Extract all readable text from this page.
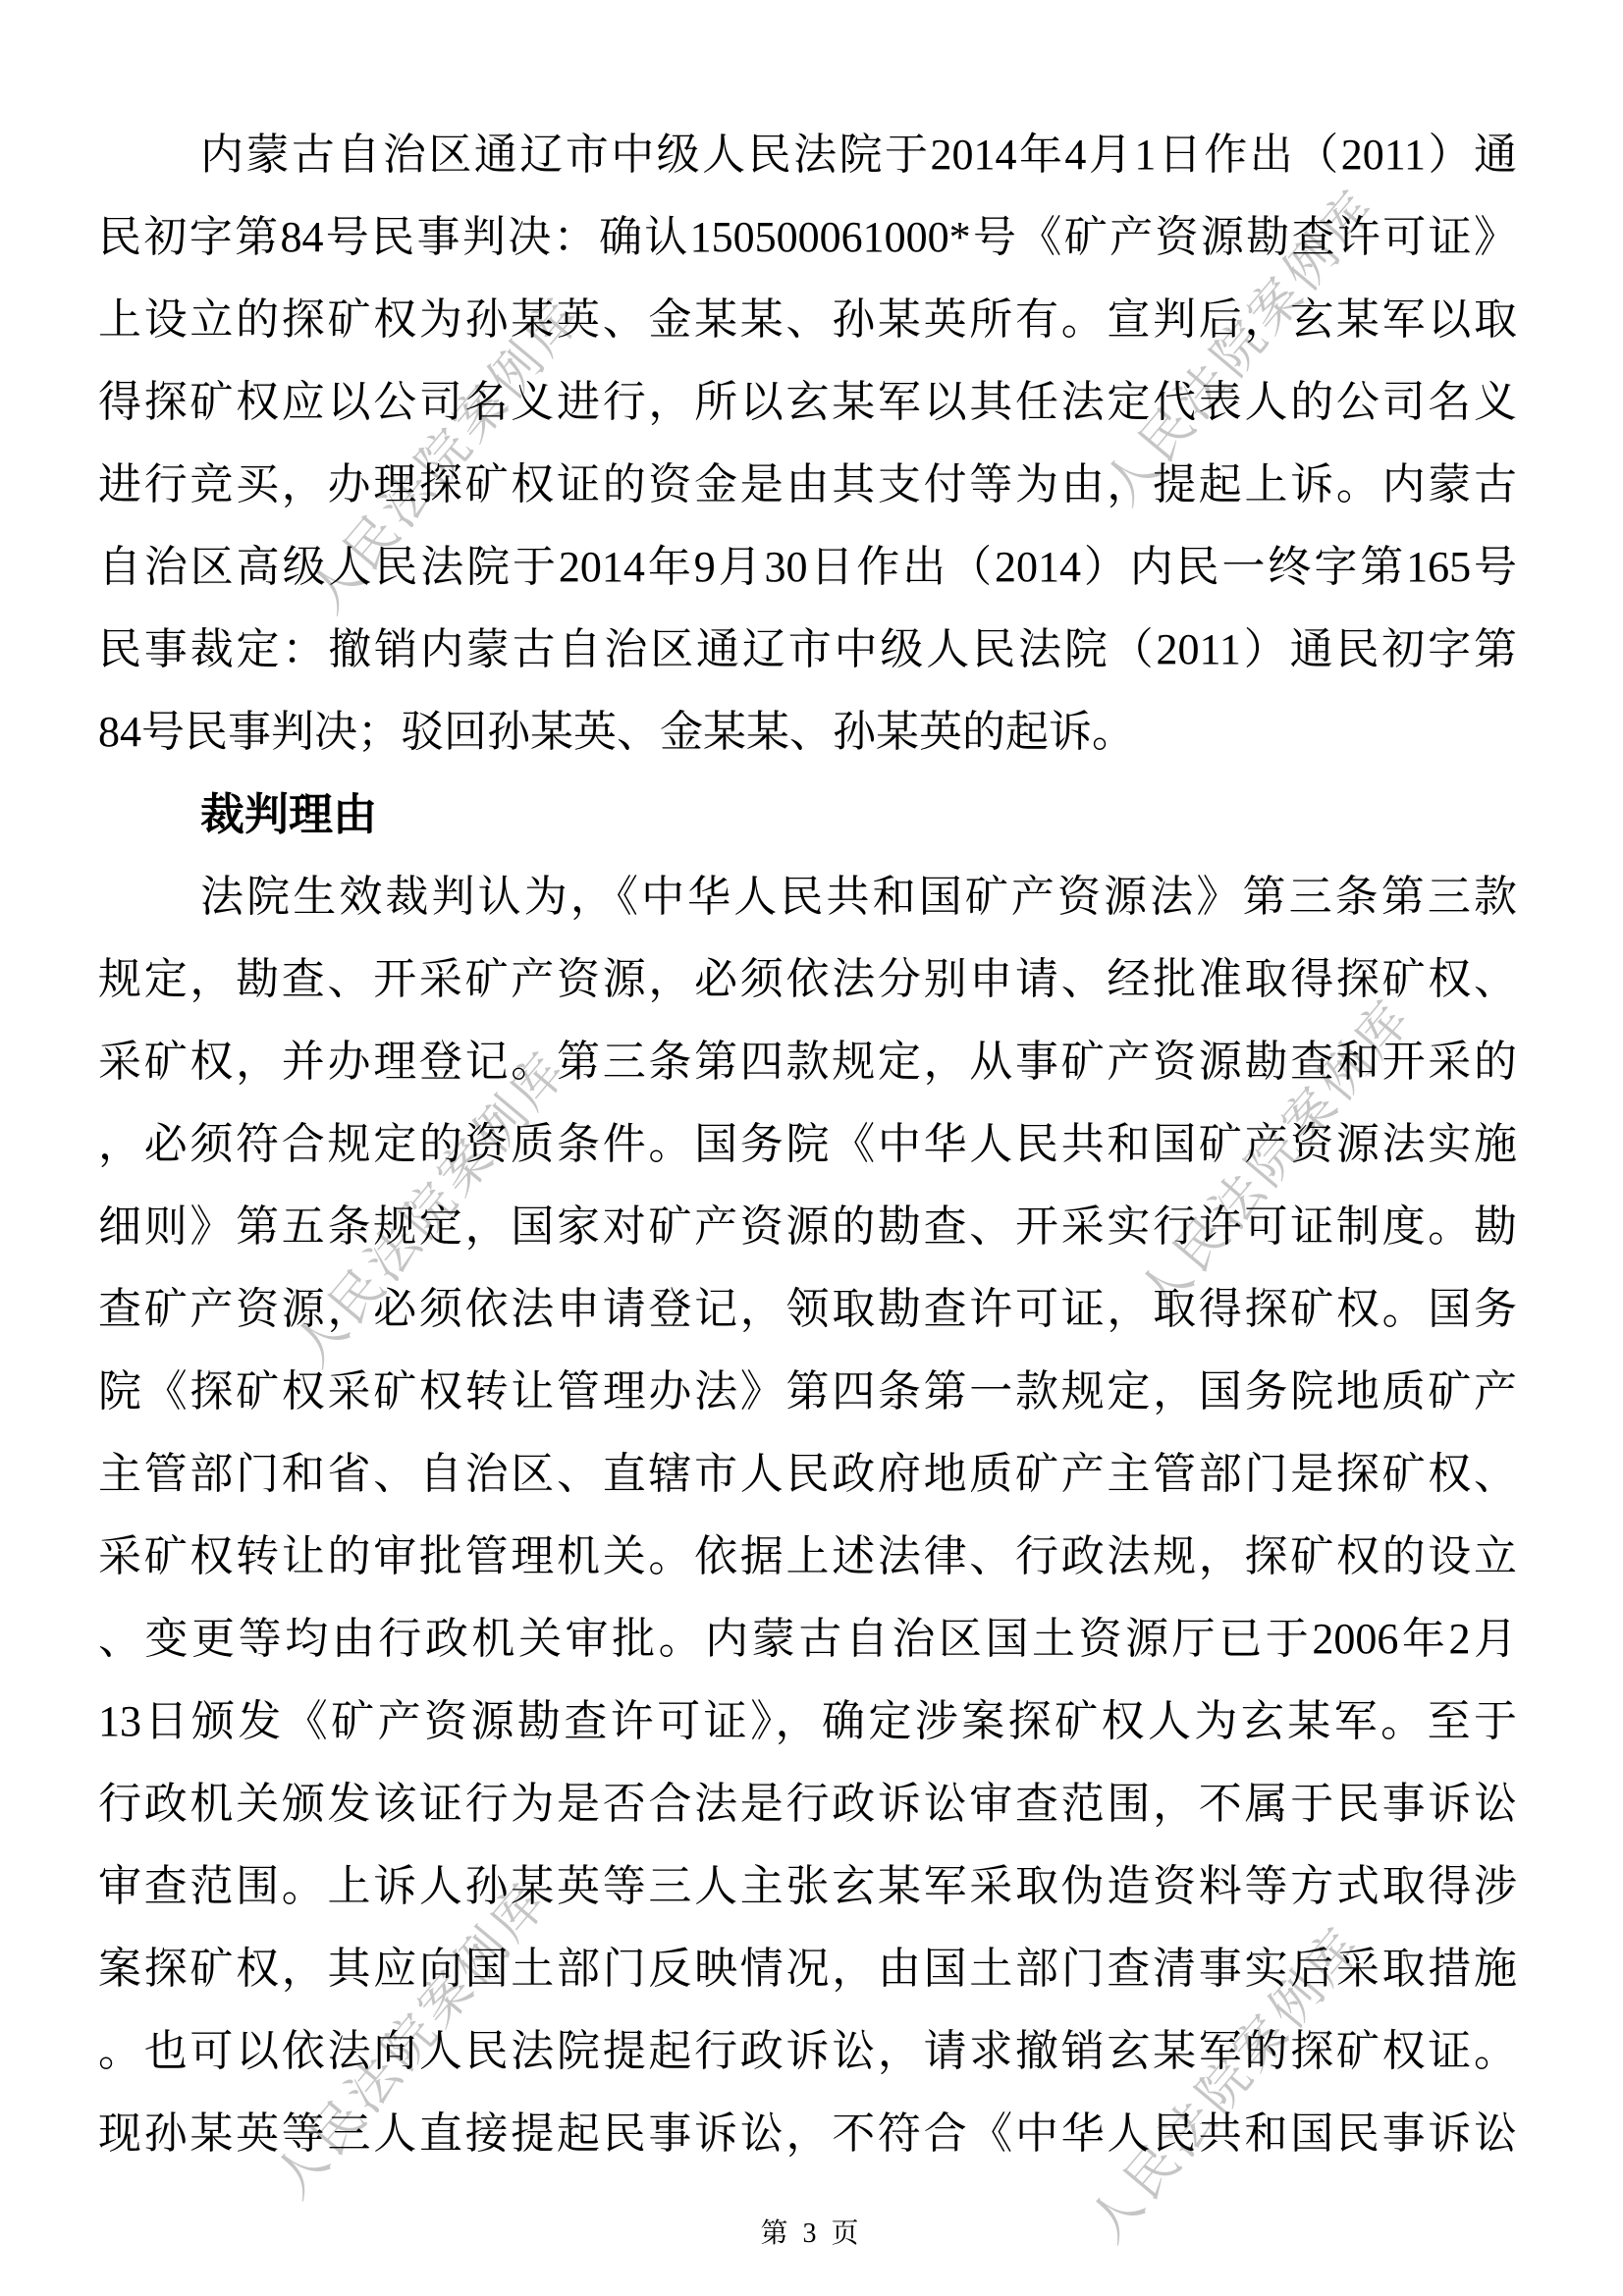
人民法院案例库	人民法院案例库
人民法院案例库	人民法院案例库
人民法院案例库	人民法院案例库
内蒙古自治区通辽市中级人民法院于2014年4月1日作出（2011）通
民初字第84号民事判决：确认150500061000*号《矿产资源勘查许可证》
上设立的探矿权为孙某英、金某某、孙某英所有。宣判后，玄某军以取
得探矿权应以公司名义进行，所以玄某军以其任法定代表人的公司名义
进行竞买，办理探矿权证的资金是由其支付等为由，提起上诉。内蒙古
自治区高级人民法院于2014年9月30日作出（2014）内民一终字第165号
民事裁定：撤销内蒙古自治区通辽市中级人民法院（2011）通民初字第
84号民事判决；驳回孙某英、金某某、孙某英的起诉。
裁判理由
法院生效裁判认为，《中华人民共和国矿产资源法》第三条第三款
规定，勘查、开采矿产资源，必须依法分别申请、经批准取得探矿权、
采矿权，并办理登记。第三条第四款规定，从事矿产资源勘查和开采的
，必须符合规定的资质条件。国务院《中华人民共和国矿产资源法实施
细则》第五条规定，国家对矿产资源的勘查、开采实行许可证制度。勘
查矿产资源，必须依法申请登记，领取勘查许可证，取得探矿权。国务
院《探矿权采矿权转让管理办法》第四条第一款规定，国务院地质矿产
主管部门和省、自治区、直辖市人民政府地质矿产主管部门是探矿权、
采矿权转让的审批管理机关。依据上述法律、行政法规，探矿权的设立
、变更等均由行政机关审批。内蒙古自治区国土资源厅已于2006年2月
13日颁发《矿产资源勘查许可证》，确定涉案探矿权人为玄某军。至于
行政机关颁发该证行为是否合法是行政诉讼审查范围，不属于民事诉讼
审查范围。上诉人孙某英等三人主张玄某军采取伪造资料等方式取得涉
案探矿权，其应向国土部门反映情况，由国土部门查清事实后采取措施
。也可以依法向人民法院提起行政诉讼，请求撤销玄某军的探矿权证。
现孙某英等三人直接提起民事诉讼，不符合《中华人民共和国民事诉讼
第 3 页
